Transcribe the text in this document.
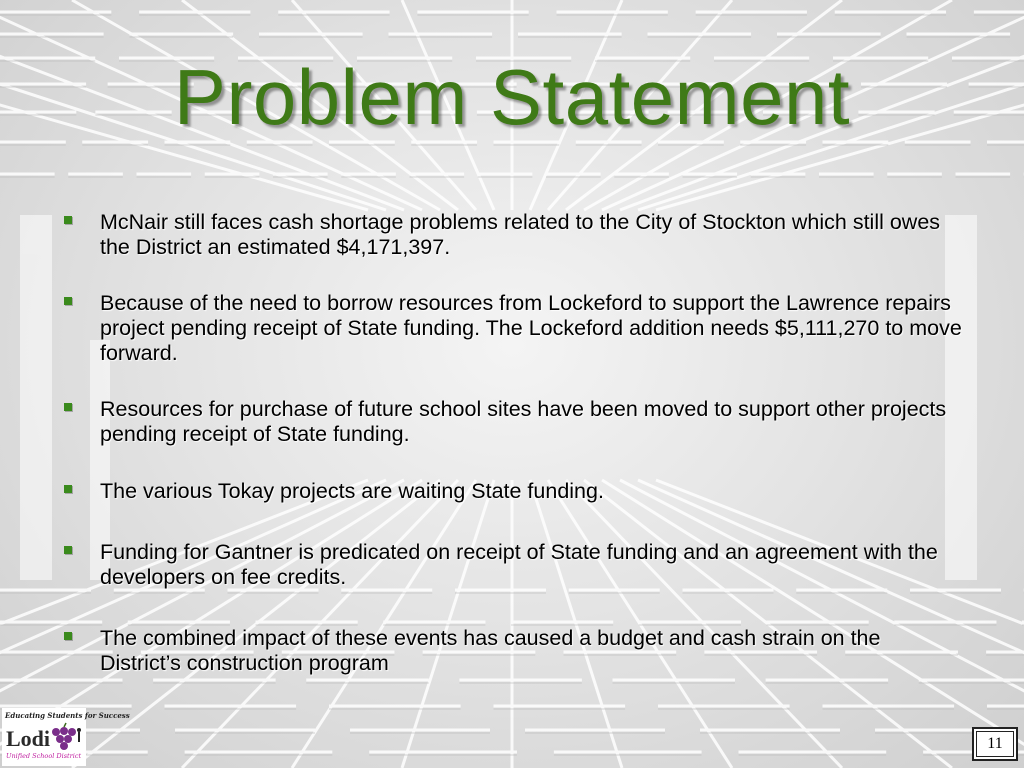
Problem Statement
McNair still faces cash shortage problems related to the City of Stockton which still owes the District an estimated $4,171,397.
Because of the need to borrow resources from Lockeford to support the Lawrence repairs project pending receipt of State funding. The Lockeford addition needs $5,111,270 to move forward.
Resources for purchase of future school sites have been moved to support other projects pending receipt of State funding.
The various Tokay projects are waiting State funding.
Funding for Gantner is predicated on receipt of State funding and an agreement with the developers on fee credits.
The combined impact of these events has caused a budget and cash strain on the District’s construction program
Educating Students for Success
Lodi
Unified School District
11
